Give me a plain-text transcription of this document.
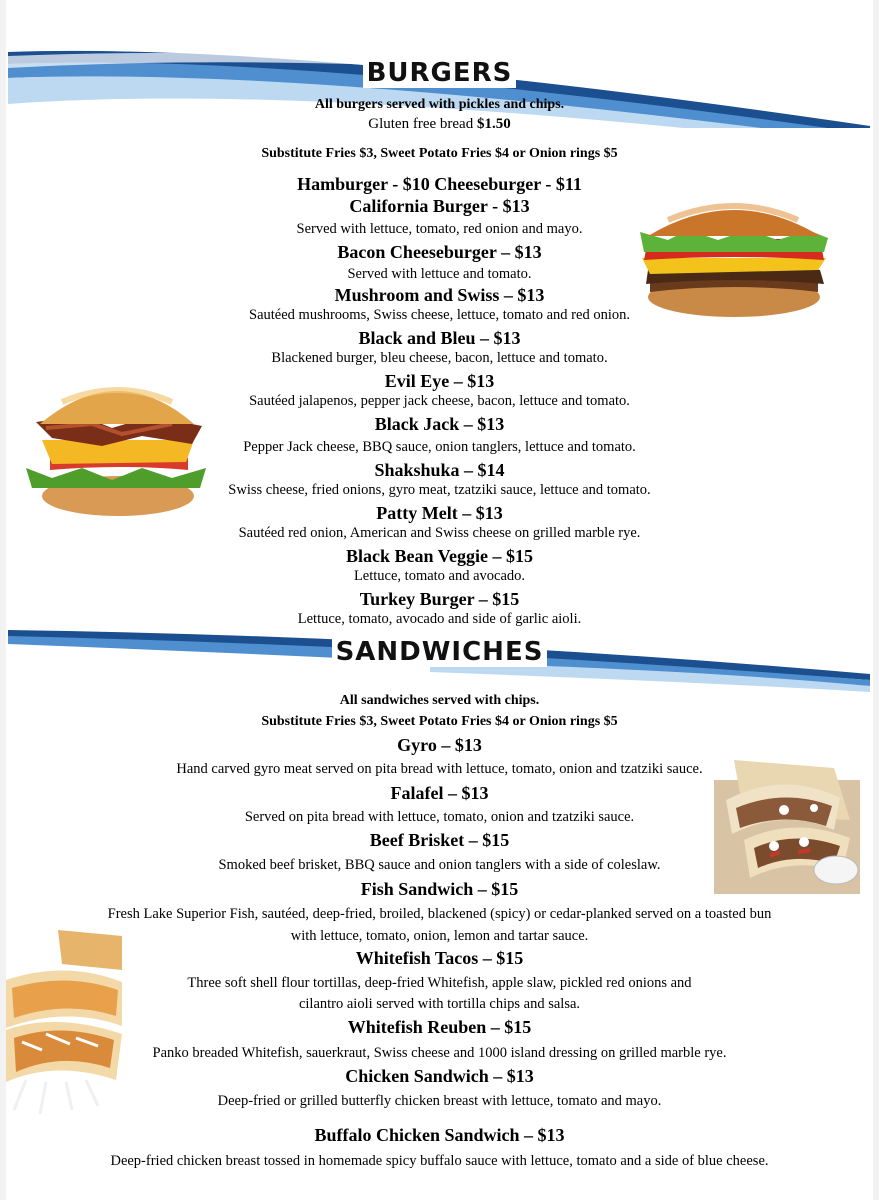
BURGERS
All burgers served with pickles and chips.
Gluten free bread $1.50
Substitute Fries $3, Sweet Potato Fries $4 or Onion rings $5
Hamburger - $10 Cheeseburger - $11
California Burger - $13
Served with lettuce, tomato, red onion and mayo.
Bacon Cheeseburger – $13
Served with lettuce and tomato.
Mushroom and Swiss – $13
Sautéed mushrooms, Swiss cheese, lettuce, tomato and red onion.
Black and Bleu – $13
Blackened burger, bleu cheese, bacon, lettuce and tomato.
Evil Eye – $13
Sautéed jalapenos, pepper jack cheese, bacon, lettuce and tomato.
Black Jack – $13
Pepper Jack cheese, BBQ sauce, onion tanglers, lettuce and tomato.
Shakshuka – $14
Swiss cheese, fried onions, gyro meat, tzatziki sauce, lettuce and tomato.
Patty Melt – $13
Sautéed red onion, American and Swiss cheese on grilled marble rye.
Black Bean Veggie – $15
Lettuce, tomato and avocado.
Turkey Burger – $15
Lettuce, tomato, avocado and side of garlic aioli.
SANDWICHES
All sandwiches served with chips.
Substitute Fries $3, Sweet Potato Fries $4 or Onion rings $5
Gyro – $13
Hand carved gyro meat served on pita bread with lettuce, tomato, onion and tzatziki sauce.
Falafel – $13
Served on pita bread with lettuce, tomato, onion and tzatziki sauce.
Beef Brisket – $15
Smoked beef brisket, BBQ sauce and onion tanglers with a side of coleslaw.
Fish Sandwich – $15
Fresh Lake Superior Fish, sautéed, deep-fried, broiled, blackened (spicy) or cedar-planked served on a toasted bun
with lettuce, tomato, onion, lemon and tartar sauce.
Whitefish Tacos – $15
Three soft shell flour tortillas, deep-fried Whitefish, apple slaw, pickled red onions and
cilantro aioli served with tortilla chips and salsa.
Whitefish Reuben – $15
Panko breaded Whitefish, sauerkraut, Swiss cheese and 1000 island dressing on grilled marble rye.
Chicken Sandwich – $13
Deep-fried or grilled butterfly chicken breast with lettuce, tomato and mayo.
Buffalo Chicken Sandwich – $13
Deep-fried chicken breast tossed in homemade spicy buffalo sauce with lettuce, tomato and a side of blue cheese.
